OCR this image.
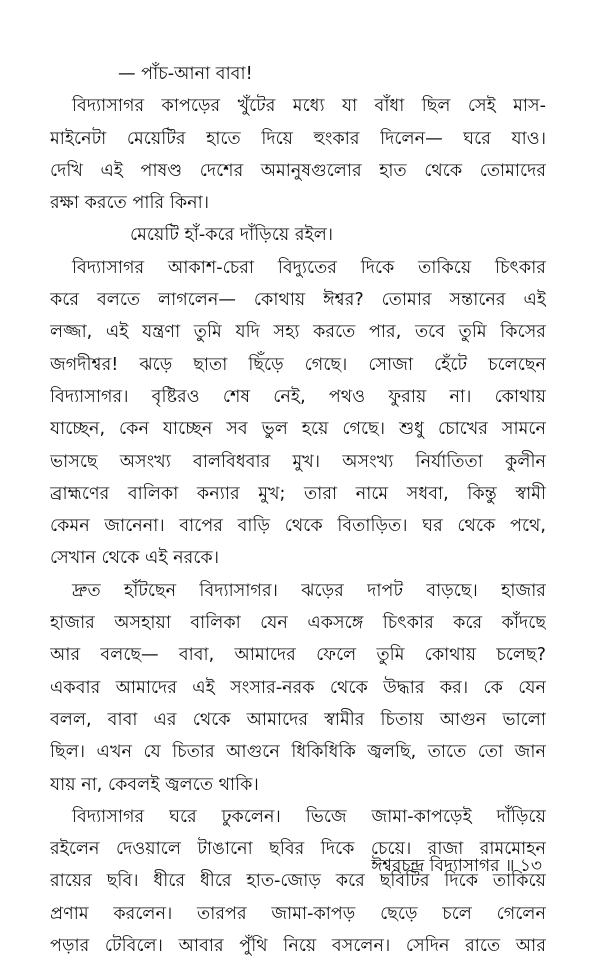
— পাঁচ-আনা বাবা!
বিদ্যাসাগর কাপড়ের খুঁটের মধ্যে যা বাঁধা ছিল সেই মাস-
মাইনেটা মেয়েটির হাতে দিয়ে হুংকার দিলেন— ঘরে যাও।
দেখি এই পাষণ্ড দেশের অমানুষগুলোর হাত থেকে তোমাদের
রক্ষা করতে পারি কিনা।
মেয়েটি হাঁ-করে দাঁড়িয়ে রইল।
বিদ্যাসাগর আকাশ-চেরা বিদ্যুতের দিকে তাকিয়ে চিৎকার
করে বলতে লাগলেন— কোথায় ঈশ্বর? তোমার সন্তানের এই
লজ্জা, এই যন্ত্রণা তুমি যদি সহ্য করতে পার, তবে তুমি কিসের
জগদীশ্বর! ঝড়ে ছাতা ছিঁড়ে গেছে। সোজা হেঁটে চলেছেন
বিদ্যাসাগর। বৃষ্টিরও শেষ নেই, পথও ফুরায় না। কোথায়
যাচ্ছেন, কেন যাচ্ছেন সব ভুল হয়ে গেছে। শুধু চোখের সামনে
ভাসছে অসংখ্য বালবিধবার মুখ। অসংখ্য নির্যাতিতা কুলীন
ব্রাহ্মণের বালিকা কন্যার মুখ; তারা নামে সধবা, কিন্তু স্বামী
কেমন জানেনা। বাপের বাড়ি থেকে বিতাড়িত। ঘর থেকে পথে,
সেখান থেকে এই নরকে।
দ্রুত হাঁটছেন বিদ্যাসাগর। ঝড়ের দাপট বাড়ছে। হাজার
হাজার অসহায়া বালিকা যেন একসঙ্গে চিৎকার করে কাঁদছে
আর বলছে— বাবা, আমাদের ফেলে তুমি কোথায় চলেছ?
একবার আমাদের এই সংসার-নরক থেকে উদ্ধার কর। কে যেন
বলল, বাবা এর থেকে আমাদের স্বামীর চিতায় আগুন ভালো
ছিল। এখন যে চিতার আগুনে ধিকিধিকি জ্বলছি, তাতে তো জান
যায় না, কেবলই জ্বলতে থাকি।
বিদ্যাসাগর ঘরে ঢুকলেন। ভিজে জামা-কাপড়েই দাঁড়িয়ে
রইলেন দেওয়ালে টাঙানো ছবির দিকে চেয়ে। রাজা রামমোহন
রায়ের ছবি। ধীরে ধীরে হাত-জোড় করে ছবিটির দিকে তাকিয়ে
প্রণাম করলেন। তারপর জামা-কাপড় ছেড়ে চলে গেলেন
পড়ার টেবিলে। আবার পুঁথি নিয়ে বসলেন। সেদিন রাতে আর
ঈশ্বরচন্দ্র বিদ্যাসাগর ॥ ১৩
